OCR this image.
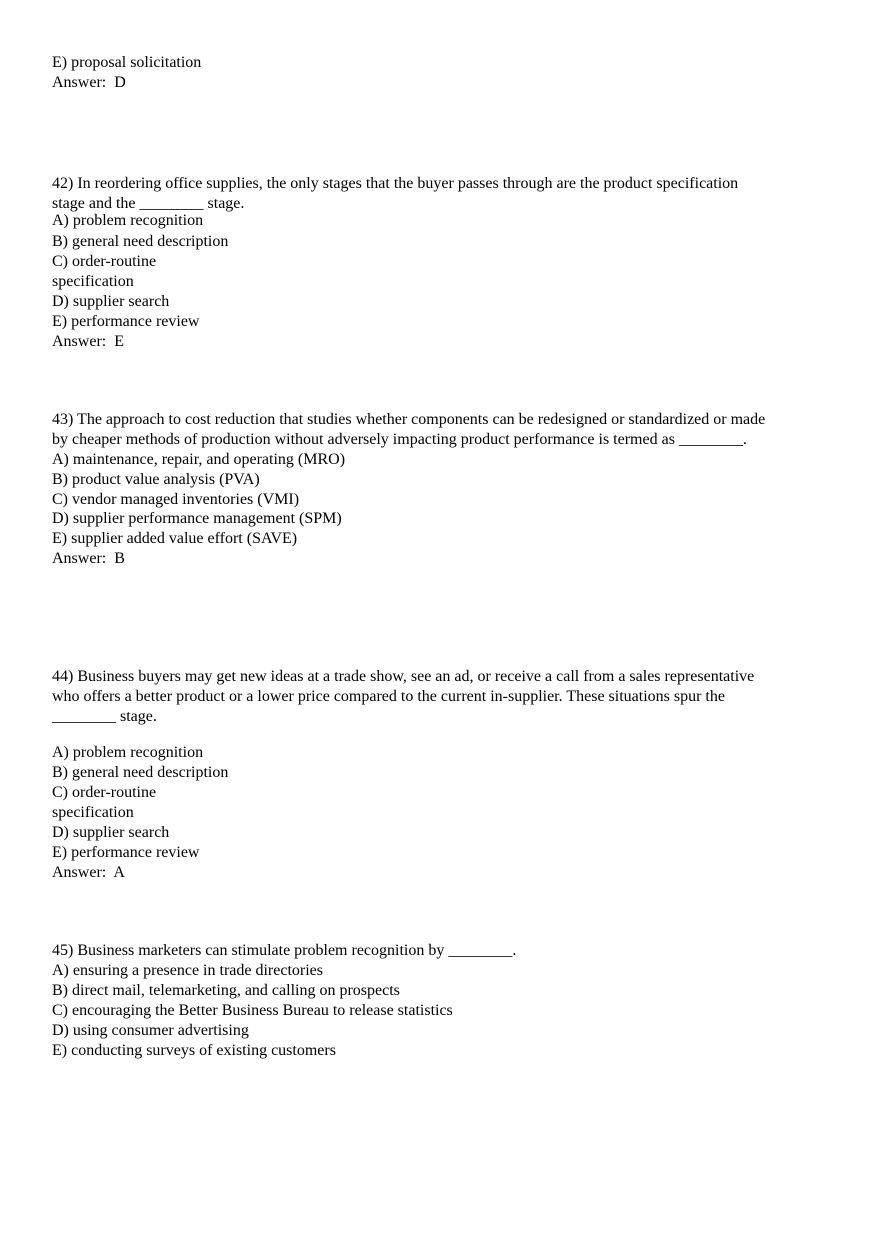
E) proposal solicitation
Answer:  D
42) In reordering office supplies, the only stages that the buyer passes through are the product specification
stage and the ________ stage.
A) problem recognition
B) general need description
C) order-routine
specification
D) supplier search
E) performance review
Answer:  E
43) The approach to cost reduction that studies whether components can be redesigned or standardized or made
by cheaper methods of production without adversely impacting product performance is termed as ________.
A) maintenance, repair, and operating (MRO)
B) product value analysis (PVA)
C) vendor managed inventories (VMI)
D) supplier performance management (SPM)
E) supplier added value effort (SAVE)
Answer:  B
44) Business buyers may get new ideas at a trade show, see an ad, or receive a call from a sales representative
who offers a better product or a lower price compared to the current in-supplier. These situations spur the
________ stage.
A) problem recognition
B) general need description
C) order-routine
specification
D) supplier search
E) performance review
Answer:  A
45) Business marketers can stimulate problem recognition by ________.
A) ensuring a presence in trade directories
B) direct mail, telemarketing, and calling on prospects
C) encouraging the Better Business Bureau to release statistics
D) using consumer advertising
E) conducting surveys of existing customers
